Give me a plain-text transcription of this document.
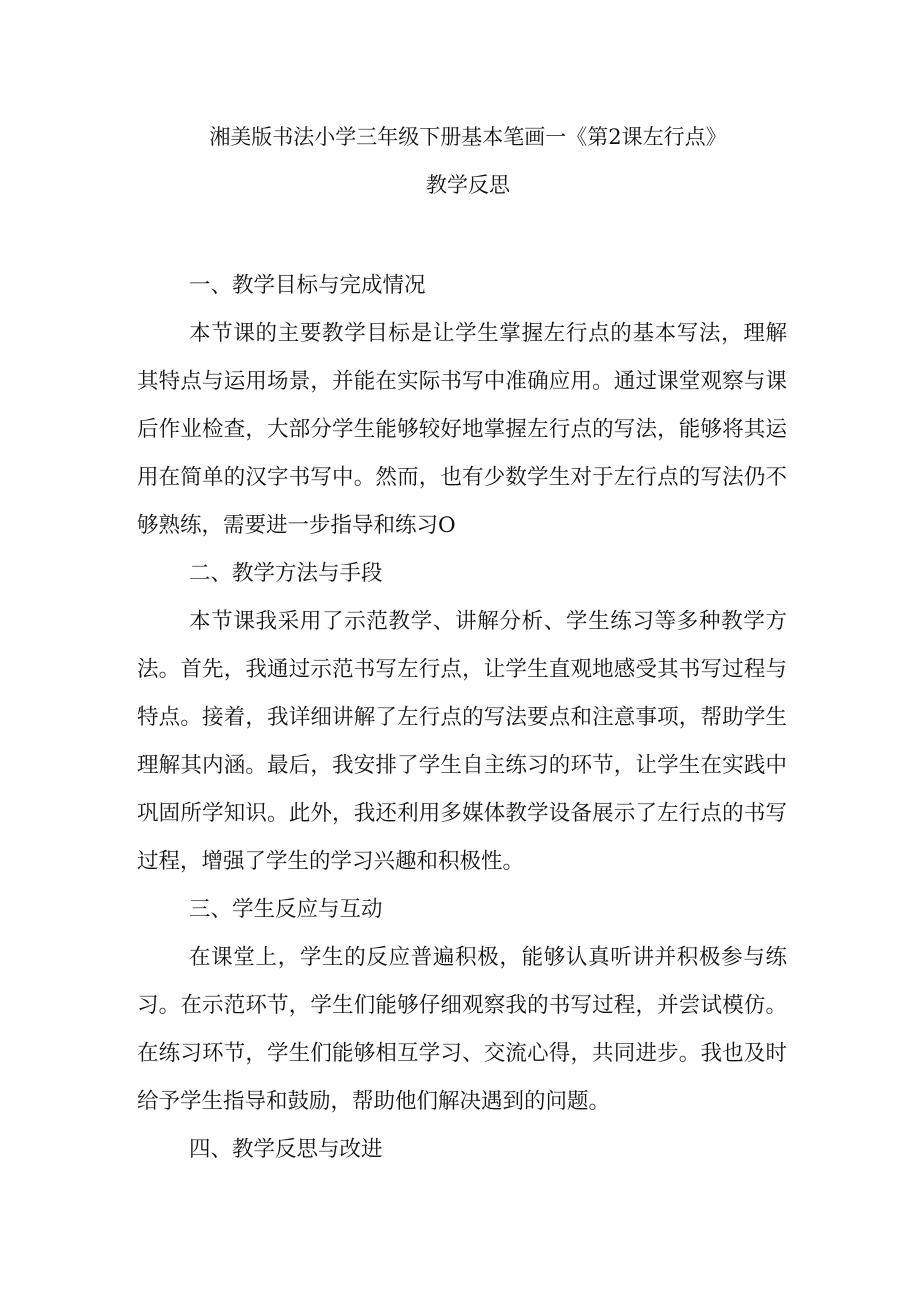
湘美版书法小学三年级下册基本笔画一《第2课左行点》
教学反思

一、教学目标与完成情况

本节课的主要教学目标是让学生掌握左行点的基本写法，理解其特点与运用场景，并能在实际书写中准确应用。通过课堂观察与课后作业检查，大部分学生能够较好地掌握左行点的写法，能够将其运用在简单的汉字书写中。然而，也有少数学生对于左行点的写法仍不够熟练，需要进一步指导和练习O

二、教学方法与手段

本节课我采用了示范教学、讲解分析、学生练习等多种教学方法。首先，我通过示范书写左行点，让学生直观地感受其书写过程与特点。接着，我详细讲解了左行点的写法要点和注意事项，帮助学生理解其内涵。最后，我安排了学生自主练习的环节，让学生在实践中巩固所学知识。此外，我还利用多媒体教学设备展示了左行点的书写过程，增强了学生的学习兴趣和积极性。

三、学生反应与互动

在课堂上，学生的反应普遍积极，能够认真听讲并积极参与练习。在示范环节，学生们能够仔细观察我的书写过程，并尝试模仿。在练习环节，学生们能够相互学习、交流心得，共同进步。我也及时给予学生指导和鼓励，帮助他们解决遇到的问题。

四、教学反思与改进
